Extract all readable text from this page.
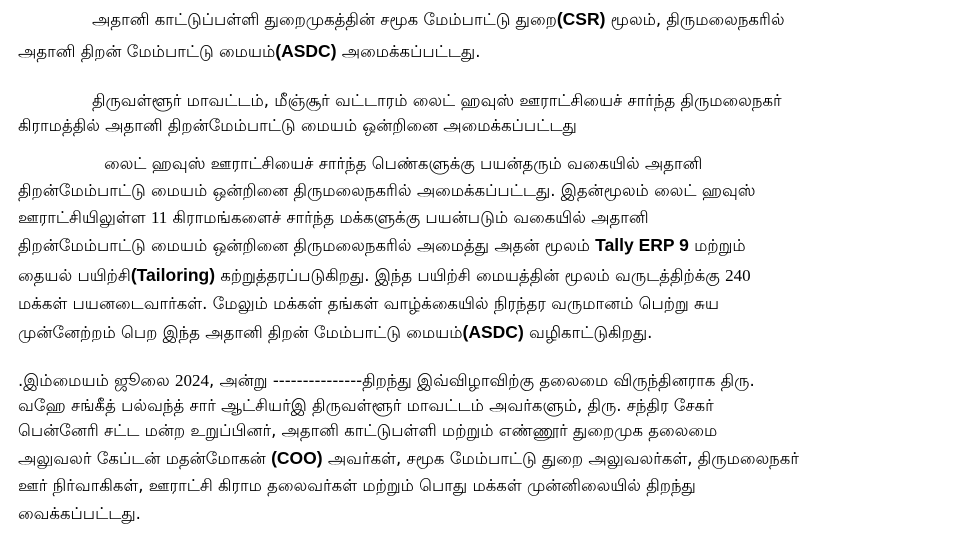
அதானி காட்டுப்பள்ளி துறைமுகத்தின் சமூக மேம்பாட்டு துறை(CSR) மூலம், திருமலைநகரில்
அதானி திறன் மேம்பாட்டு மையம்(ASDC) அமைக்கப்பட்டது.
திருவள்ளூர் மாவட்டம், மீஞ்சூர் வட்டாரம் லைட் ஹவுஸ் ஊராட்சியைச் சார்ந்த திருமலைநகர்
கிராமத்தில் அதானி திறன்மேம்பாட்டு மையம் ஒன்றினை அமைக்கப்பட்டது
லைட் ஹவுஸ் ஊராட்சியைச் சார்ந்த பெண்களுக்கு பயன்தரும் வகையில் அதானி
திறன்மேம்பாட்டு மையம் ஒன்றினை திருமலைநகரில் அமைக்கப்பட்டது. இதன்மூலம் லைட் ஹவுஸ்
ஊராட்சியிலுள்ள 11 கிராமங்களைச் சார்ந்த மக்களுக்கு பயன்படும் வகையில் அதானி
திறன்மேம்பாட்டு மையம் ஒன்றினை திருமலைநகரில் அமைத்து அதன் மூலம் Tally ERP 9 மற்றும்
தையல் பயிற்சி(Tailoring) கற்றுத்தரப்படுகிறது. இந்த பயிற்சி மையத்தின் மூலம் வருடத்திற்க்கு 240
மக்கள் பயனடைவார்கள். மேலும் மக்கள் தங்கள் வாழ்க்கையில் நிரந்தர வருமானம் பெற்று சுய
முன்னேற்றம் பெற இந்த அதானி திறன் மேம்பாட்டு மையம்(ASDC) வழிகாட்டுகிறது.
.இம்மையம் ஜூலை 2024, அன்று ---------------திறந்து இவ்விழாவிற்கு தலைமை விருந்தினராக திரு.
வஹே சங்கீத் பல்வந்த் சார் ஆட்சியர்இ திருவள்ளூர் மாவட்டம் அவர்களும், திரு. சந்திர சேகர்
பென்னேரி சட்ட மன்ற உறுப்பினர், அதானி காட்டுபள்ளி மற்றும் எண்ணூர் துறைமுக தலைமை
அலுவலர் கேப்டன் மதன்மோகன் (COO) அவர்கள், சமூக மேம்பாட்டு துறை அலுவலர்கள், திருமலைநகர்
ஊர் நிர்வாகிகள், ஊராட்சி கிராம தலைவர்கள் மற்றும் பொது மக்கள் முன்னிலையில் திறந்து
வைக்கப்பட்டது.
